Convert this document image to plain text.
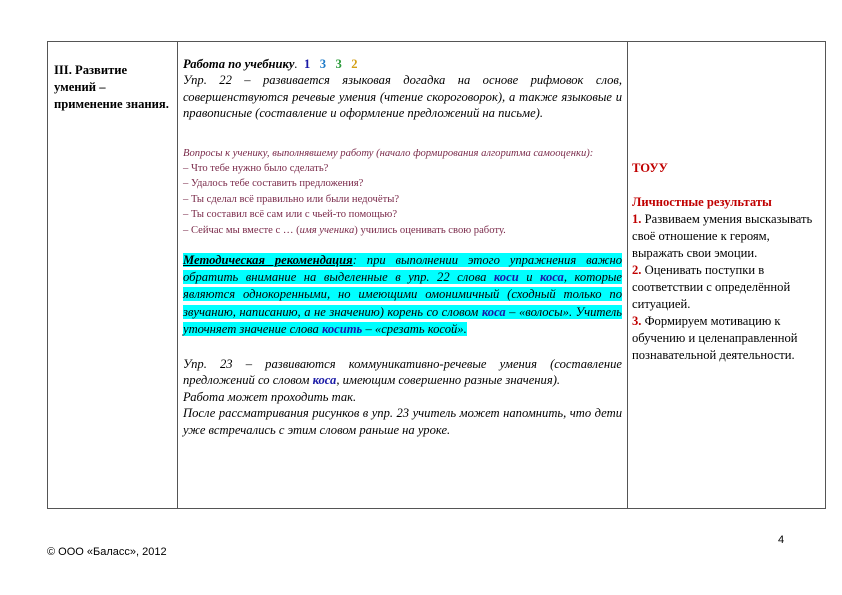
III. Развитие умений – применение знания.

Работа по учебнику. 1 3 3 2

Упр. 22 – развивается языковая догадка на основе рифмовок слов, совершенствуются речевые умения (чтение скороговорок), а также языковые и правописные (составление и оформление предложений на письме).

Вопросы к ученику, выполнявшему работу (начало формирования алгоритма самооценки):

– Что тебе нужно было сделать?

– Удалось тебе составить предложения?

– Ты сделал всё правильно или были недочёты?

– Ты составил всё сам или с чьей-то помощью?

– Сейчас мы вместе с … (имя ученика) учились оценивать свою работу.

Методическая рекомендация: при выполнении этого упражнения важно обратить внимание на выделенные в упр. 22 слова коси и коса, которые являются однокоренными, но имеющими омонимичный (сходный только по звучанию, написанию, а не значению) корень со словом коса – «волосы». Учитель уточняет значение слова косить – «срезать косой».

Упр. 23 – развиваются коммуникативно-речевые умения (составление предложений со словом коса, имеющим совершенно разные значения).

Работа может проходить так.

После рассматривания рисунков в упр. 23 учитель может напомнить, что дети уже встречались с этим словом раньше на уроке.

ТОУУ

Личностные результаты

1. Развиваем умения высказывать своё отношение к героям, выражать свои эмоции.

2. Оценивать поступки в соответствии с определённой ситуацией.

3. Формируем мотивацию к обучению и целенаправленной познавательной деятельности.

4
© ООО «Баласс», 2012
